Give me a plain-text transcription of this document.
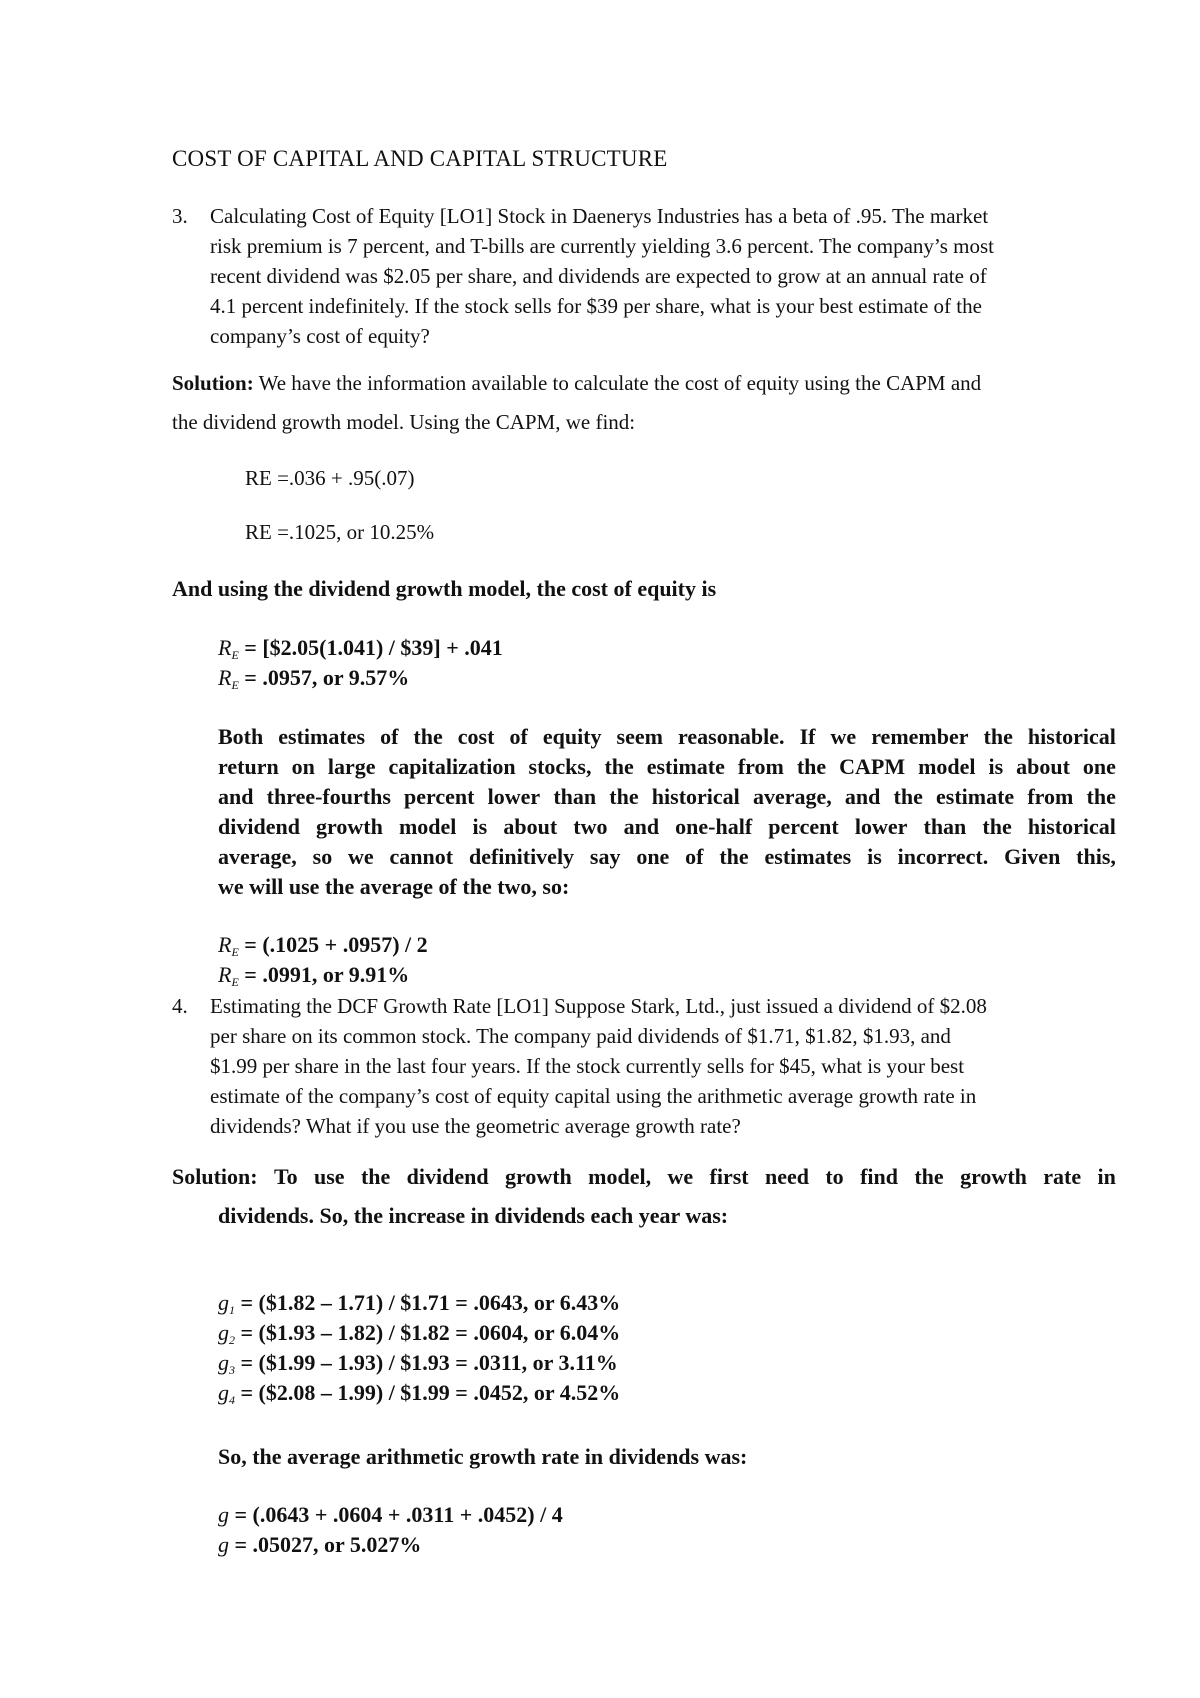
COST OF CAPITAL AND CAPITAL STRUCTURE
3. Calculating Cost of Equity [LO1] Stock in Daenerys Industries has a beta of .95. The market
risk premium is 7 percent, and T-bills are currently yielding 3.6 percent. The company’s most
recent dividend was $2.05 per share, and dividends are expected to grow at an annual rate of
4.1 percent indefinitely. If the stock sells for $39 per share, what is your best estimate of the
company’s cost of equity?
Solution: We have the information available to calculate the cost of equity using the CAPM and
the dividend growth model. Using the CAPM, we find:
RE =.036 + .95(.07)
RE =.1025, or 10.25%
And using the dividend growth model, the cost of equity is
$R_E$ = [$2.05(1.041) / $39] + .041
$R_E = .0957$, or 9.57%
Both estimates of the cost of equity seem reasonable. If we remember the historical
return on large capitalization stocks, the estimate from the CAPM model is about one
and three-fourths percent lower than the historical average, and the estimate from the
dividend growth model is about two and one-half percent lower than the historical
average, so we cannot definitively say one of the estimates is incorrect. Given this,
we will use the average of the two, so:
$R_E = (.1025 + .0957) / 2$
$R_E = .0991$, or 9.91%
4. Estimating the DCF Growth Rate [LO1] Suppose Stark, Ltd., just issued a dividend of $2.08
per share on its common stock. The company paid dividends of $1.71, $1.82, $1.93, and
$1.99 per share in the last four years. If the stock currently sells for $45, what is your best
estimate of the company’s cost of equity capital using the arithmetic average growth rate in
dividends? What if you use the geometric average growth rate?
Solution: To use the dividend growth model, we first need to find the growth rate in
dividends. So, the increase in dividends each year was:
$g_1$ = ($1.82 – 1.71) / $1.71 = .0643, or 6.43%
$g_2$ = ($1.93 – 1.82) / $1.82 = .0604, or 6.04%
$g_3$ = ($1.99 – 1.93) / $1.93 = .0311, or 3.11%
$g_4$ = ($2.08 – 1.99) / $1.99 = .0452, or 4.52%
So, the average arithmetic growth rate in dividends was:
g = (.0643 + .0604 + .0311 + .0452) / 4
g = .05027, or 5.027%
